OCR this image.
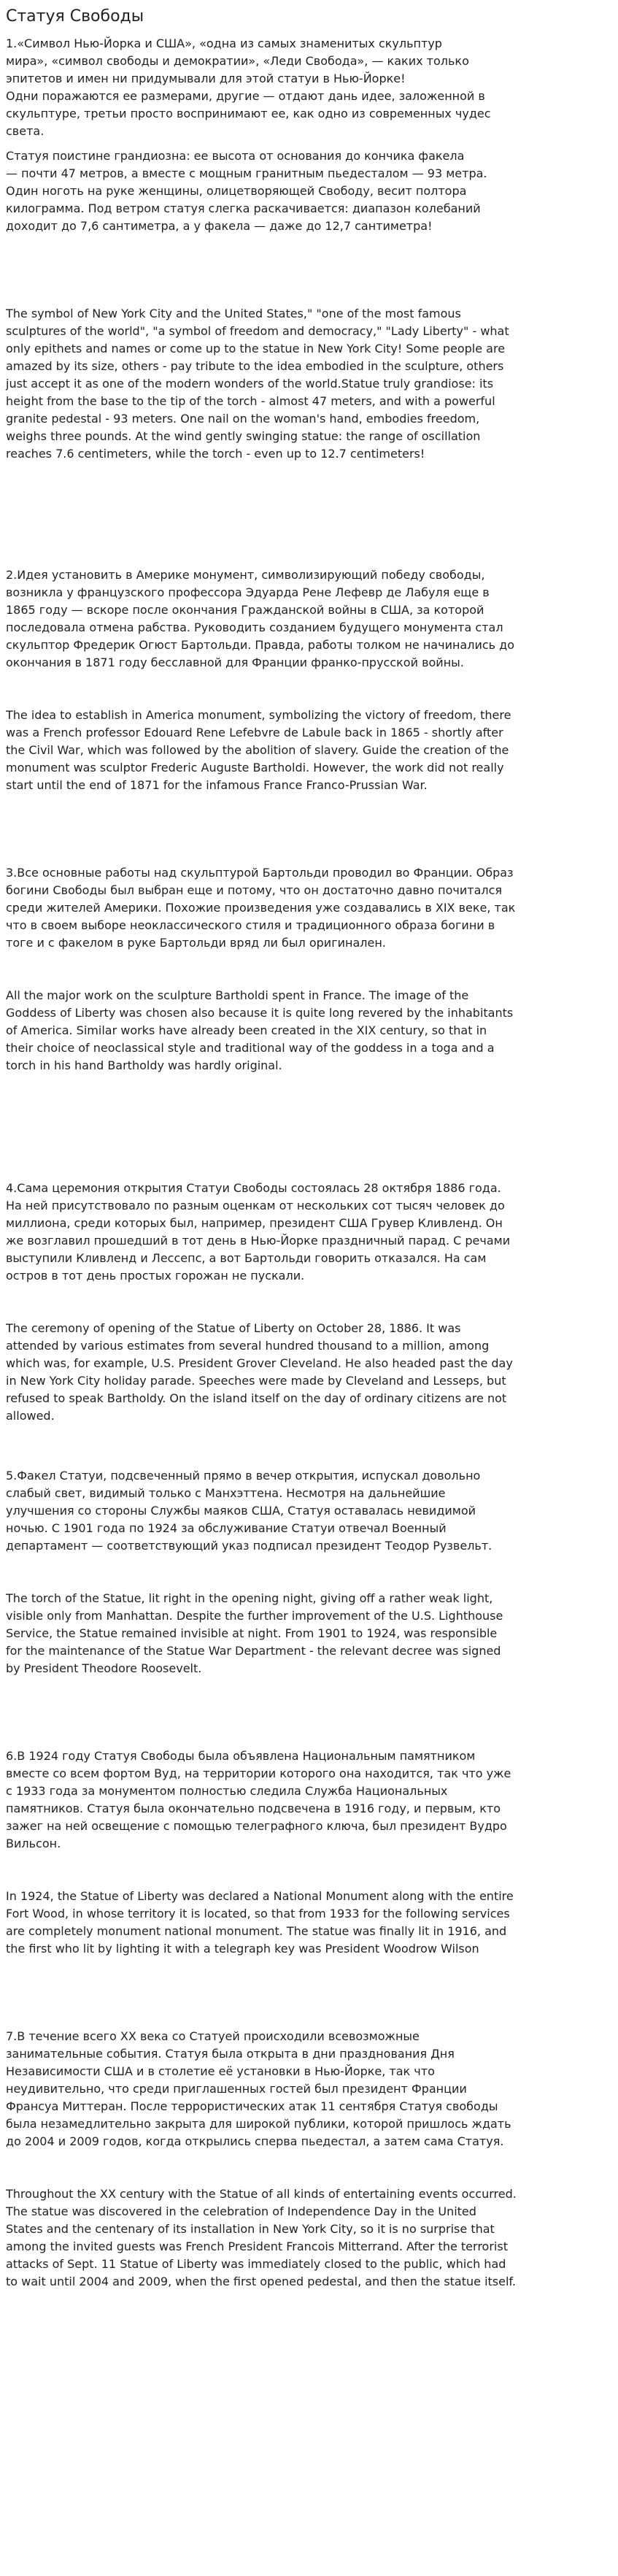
Статуя Свободы

1.«Символ Нью-Йорка и США», «одна из самых знаменитых скульптур
мира», «символ свободы и демократии», «Леди Свобода», — каких только
эпитетов и имен ни придумывали для этой статуи в Нью-Йорке!
Одни поражаются ее размерами, другие — отдают дань идее, заложенной в
скульптуре, третьи просто воспринимают ее, как одно из современных чудес
света.

Статуя поистине грандиозна: ее высота от основания до кончика факела
— почти 47 метров, а вместе с мощным гранитным пьедесталом — 93 метра.
Один ноготь на руке женщины, олицетворяющей Свободу, весит полтора
килограмма. Под ветром статуя слегка раскачивается: диапазон колебаний
доходит до 7,6 сантиметра, а у факела — даже до 12,7 сантиметра!

The symbol of New York City and the United States," "one of the most famous
sculptures of the world", "a symbol of freedom and democracy," "Lady Liberty" - what
only epithets and names or come up to the statue in New York City! Some people are
amazed by its size, others - pay tribute to the idea embodied in the sculpture, others
just accept it as one of the modern wonders of the world.Statue truly grandiose: its
height from the base to the tip of the torch - almost 47 meters, and with a powerful
granite pedestal - 93 meters. One nail on the woman's hand, embodies freedom,
weighs three pounds. At the wind gently swinging statue: the range of oscillation
reaches 7.6 centimeters, while the torch - even up to 12.7 centimeters!

2.Идея установить в Америке монумент, символизирующий победу свободы,
возникла у французского профессора Эдуарда Рене Лефевр де Лабуля еще в
1865 году — вскоре после окончания Гражданской войны в США, за которой
последовала отмена рабства. Руководить созданием будущего монумента стал
скульптор Фредерик Огюст Бартольди. Правда, работы толком не начинались до
окончания в 1871 году бесславной для Франции франко-прусской войны.

The idea to establish in America monument, symbolizing the victory of freedom, there
was a French professor Edouard Rene Lefebvre de Labule back in 1865 - shortly after
the Civil War, which was followed by the abolition of slavery. Guide the creation of the
monument was sculptor Frederic Auguste Bartholdi. However, the work did not really
start until the end of 1871 for the infamous France Franco-Prussian War.

3.Все основные работы над скульптурой Бартольди проводил во Франции. Образ
богини Свободы был выбран еще и потому, что он достаточно давно почитался
среди жителей Америки. Похожие произведения уже создавались в XIX веке, так
что в своем выборе неоклассического стиля и традиционного образа богини в
тоге и с факелом в руке Бартольди вряд ли был оригинален.

All the major work on the sculpture Bartholdi spent in France. The image of the
Goddess of Liberty was chosen also because it is quite long revered by the inhabitants
of America. Similar works have already been created in the XIX century, so that in
their choice of neoclassical style and traditional way of the goddess in a toga and a
torch in his hand Bartholdy was hardly original.

4.Сама церемония открытия Статуи Свободы состоялась 28 октября 1886 года.
На ней присутствовало по разным оценкам от нескольких сот тысяч человек до
миллиона, среди которых был, например, президент США Грувер Кливленд. Он
же возглавил прошедший в тот день в Нью-Йорке праздничный парад. С речами
выступили Кливленд и Лессепс, а вот Бартольди говорить отказался. На сам
остров в тот день простых горожан не пускали.

The ceremony of opening of the Statue of Liberty on October 28, 1886. It was
attended by various estimates from several hundred thousand to a million, among
which was, for example, U.S. President Grover Cleveland. He also headed past the day
in New York City holiday parade. Speeches were made by Cleveland and Lesseps, but
refused to speak Bartholdy. On the island itself on the day of ordinary citizens are not
allowed.

5.Факел Статуи, подсвеченный прямо в вечер открытия, испускал довольно
слабый свет, видимый только с Манхэттена. Несмотря на дальнейшие
улучшения со стороны Службы маяков США, Статуя оставалась невидимой
ночью. С 1901 года по 1924 за обслуживание Статуи отвечал Военный
департамент — соответствующий указ подписал президент Теодор Рузвельт.

The torch of the Statue, lit right in the opening night, giving off a rather weak light,
visible only from Manhattan. Despite the further improvement of the U.S. Lighthouse
Service, the Statue remained invisible at night. From 1901 to 1924, was responsible
for the maintenance of the Statue War Department - the relevant decree was signed
by President Theodore Roosevelt.

6.В 1924 году Статуя Свободы была объявлена Национальным памятником
вместе со всем фортом Вуд, на территории которого она находится, так что уже
с 1933 года за монументом полностью следила Служба Национальных
памятников. Статуя была окончательно подсвечена в 1916 году, и первым, кто
зажег на ней освещение с помощью телеграфного ключа, был президент Вудро
Вильсон.

In 1924, the Statue of Liberty was declared a National Monument along with the entire
Fort Wood, in whose territory it is located, so that from 1933 for the following services
are completely monument national monument. The statue was finally lit in 1916, and
the first who lit by lighting it with a telegraph key was President Woodrow Wilson

7.В течение всего XX века со Статуей происходили всевозможные
занимательные события. Статуя была открыта в дни празднования Дня
Независимости США и в столетие её установки в Нью-Йорке, так что
неудивительно, что среди приглашенных гостей был президент Франции
Франсуа Миттеран. После террористических атак 11 сентября Статуя свободы
была незамедлительно закрыта для широкой публики, которой пришлось ждать
до 2004 и 2009 годов, когда открылись сперва пьедестал, а затем сама Статуя.

Throughout the XX century with the Statue of all kinds of entertaining events occurred.
The statue was discovered in the celebration of Independence Day in the United
States and the centenary of its installation in New York City, so it is no surprise that
among the invited guests was French President Francois Mitterrand. After the terrorist
attacks of Sept. 11 Statue of Liberty was immediately closed to the public, which had
to wait until 2004 and 2009, when the first opened pedestal, and then the statue itself.
